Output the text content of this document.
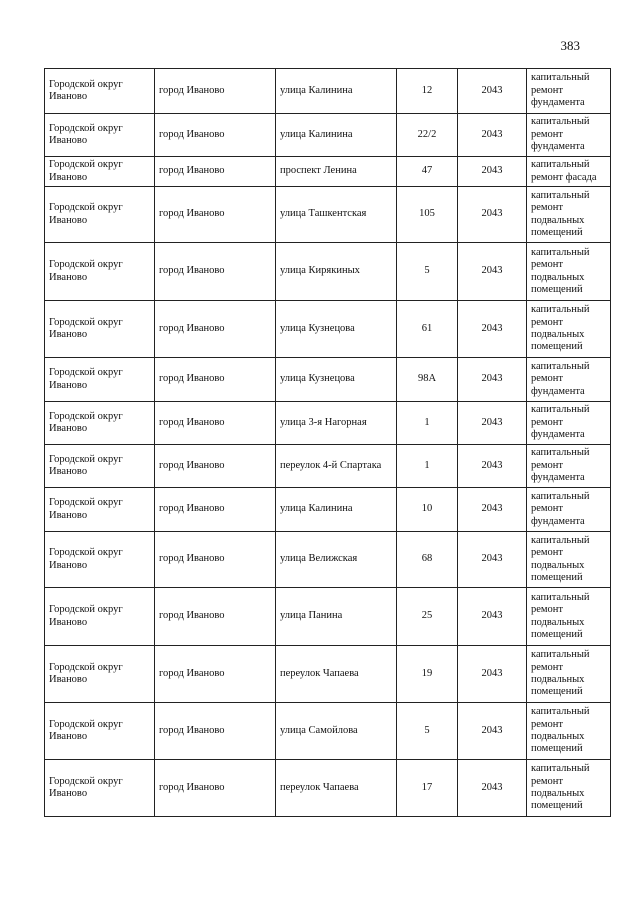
383
Городской округ Иваново	город Иваново	улица Калинина	12	2043	капитальный ремонт фундамента
Городской округ Иваново	город Иваново	улица Калинина	22/2	2043	капитальный ремонт фундамента
Городской округ Иваново	город Иваново	проспект Ленина	47	2043	капитальный ремонт фасада
Городской округ Иваново	город Иваново	улица Ташкентская	105	2043	капитальный ремонт подвальных помещений
Городской округ Иваново	город Иваново	улица Кирякиных	5	2043	капитальный ремонт подвальных помещений
Городской округ Иваново	город Иваново	улица Кузнецова	61	2043	капитальный ремонт подвальных помещений
Городской округ Иваново	город Иваново	улица Кузнецова	98А	2043	капитальный ремонт фундамента
Городской округ Иваново	город Иваново	улица 3-я Нагорная	1	2043	капитальный ремонт фундамента
Городской округ Иваново	город Иваново	переулок 4-й Спартака	1	2043	капитальный ремонт фундамента
Городской округ Иваново	город Иваново	улица Калинина	10	2043	капитальный ремонт фундамента
Городской округ Иваново	город Иваново	улица Велижская	68	2043	капитальный ремонт подвальных помещений
Городской округ Иваново	город Иваново	улица Панина	25	2043	капитальный ремонт подвальных помещений
Городской округ Иваново	город Иваново	переулок Чапаева	19	2043	капитальный ремонт подвальных помещений
Городской округ Иваново	город Иваново	улица Самойлова	5	2043	капитальный ремонт подвальных помещений
Городской округ Иваново	город Иваново	переулок Чапаева	17	2043	капитальный ремонт подвальных помещений
